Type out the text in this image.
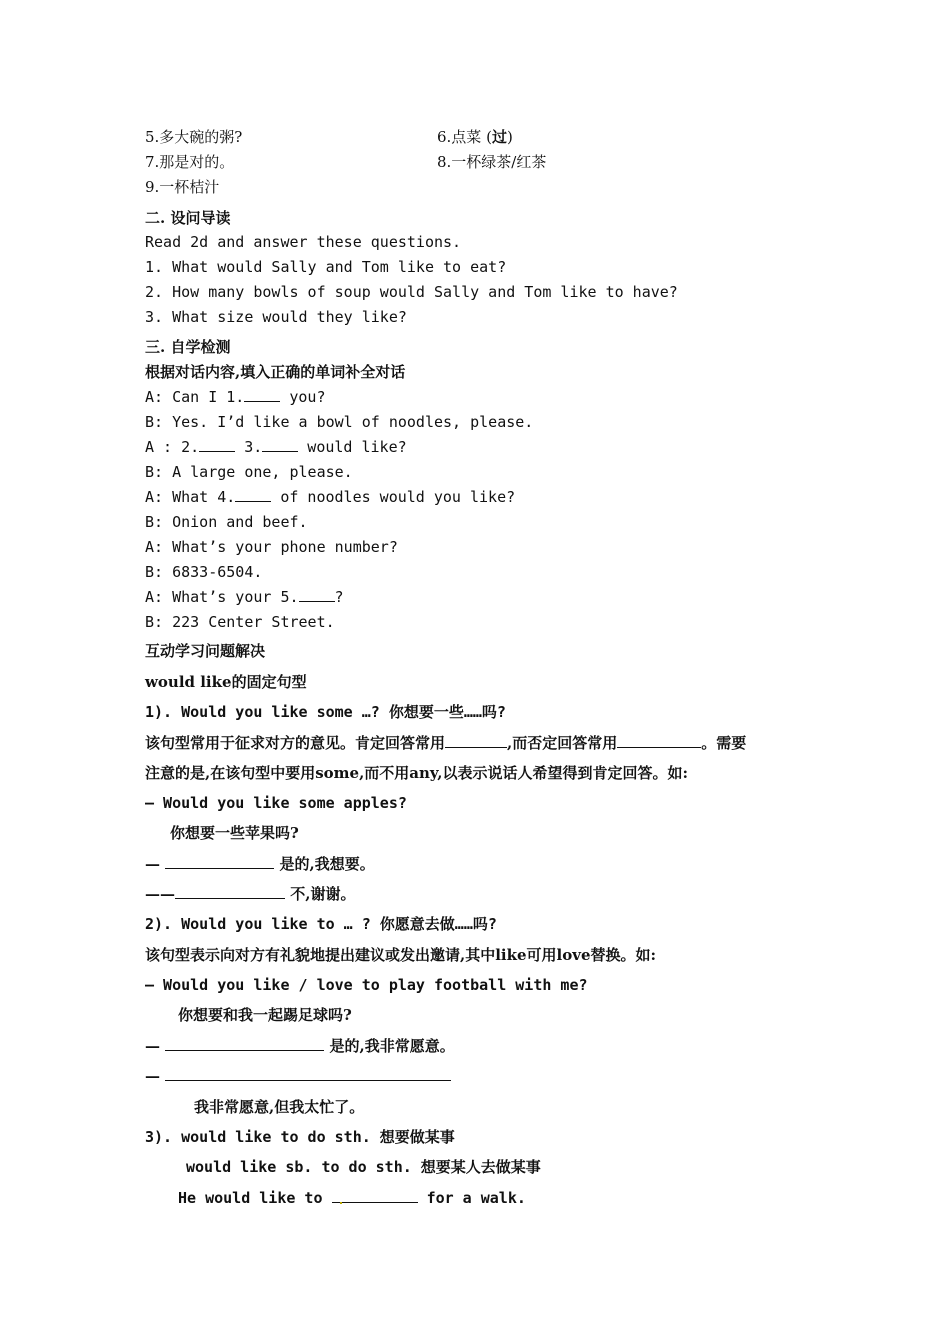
5.多大碗的粥?	6.点菜 (过)
7.那是对的。	8.一杯绿茶/红茶
9.一杯桔汁
二. 设问导读
Read 2d and answer these questions.
1. What would Sally and Tom like to eat?
2. How many bowls of soup would Sally and Tom like to have?
3. What size would they like?
三. 自学检测
根据对话内容,填入正确的单词补全对话
A: Can I 1. you?
B: Yes. I’d like a bowl of noodles, please.
A : 2. 3. would like?
B: A large one, please.
A: What 4. of noodles would you like?
B: Onion and beef.
A: What’s your phone number?
B: 6833-6504.
A: What’s your 5. ?
B: 223 Center Street.
互动学习问题解决
would like的固定句型
1). Would you like some …? 你想要一些……吗?
该句型常用于征求对方的意见。肯定回答常用	,而否定回答常用	。需要
注意的是,在该句型中要用some,而不用any,以表示说话人希望得到肯定回答。如:
— Would you like some apples?
你想要一些苹果吗?
—	是的,我想要。
——	不,谢谢。
2). Would you like to … ? 你愿意去做……吗?
该句型表示向对方有礼貌地提出建议或发出邀请,其中like可用love替换。如:
— Would you like / love to play football with me?
你想要和我一起踢足球吗?
—	是的,我非常愿意。
—
我非常愿意,但我太忙了。
3). would like to do sth. 想要做某事
would like sb. to do sth. 想要某人去做某事
He would like to	for a walk.
